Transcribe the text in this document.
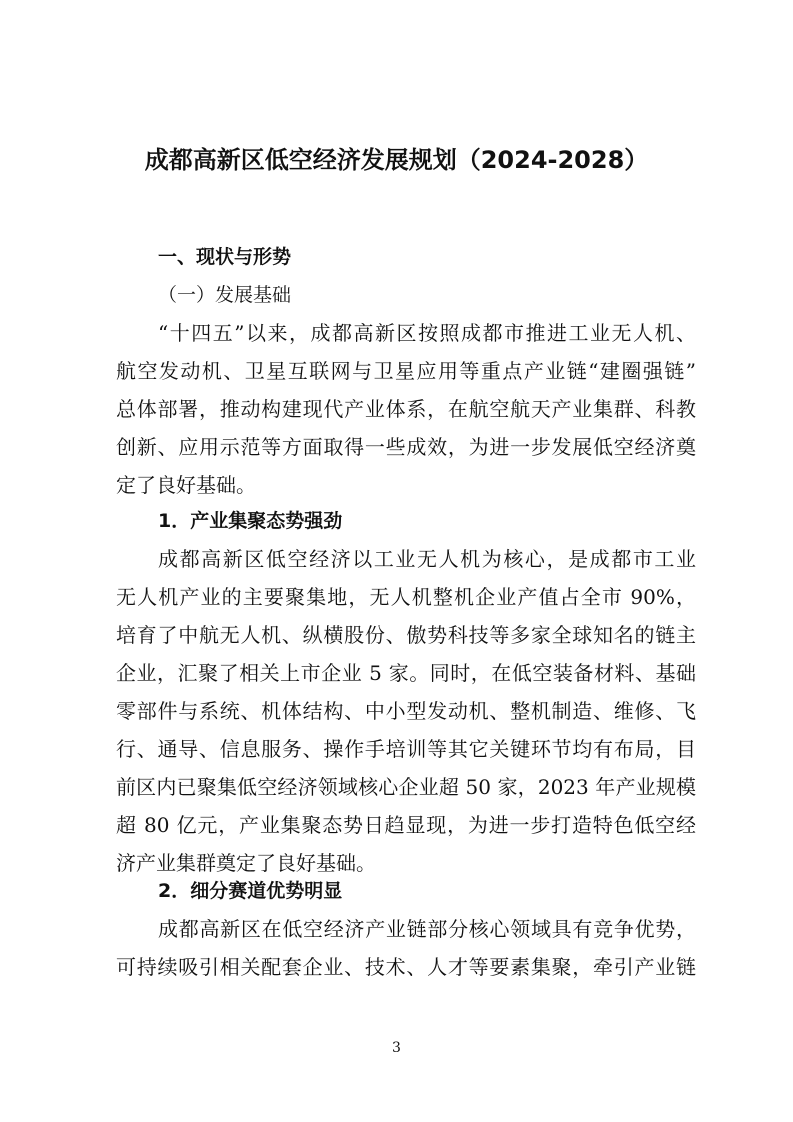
成都高新区低空经济发展规划（2024-2028）
一、现状与形势
（一）发展基础
“十四五”以来，成都高新区按照成都市推进工业无人机、
航空发动机、卫星互联网与卫星应用等重点产业链“建圈强链”
总体部署，推动构建现代产业体系，在航空航天产业集群、科教
创新、应用示范等方面取得一些成效，为进一步发展低空经济奠
定了良好基础。
1．产业集聚态势强劲
成都高新区低空经济以工业无人机为核心，是成都市工业
无人机产业的主要聚集地，无人机整机企业产值占全市 90%，
培育了中航无人机、纵横股份、傲势科技等多家全球知名的链主
企业，汇聚了相关上市企业 5 家。同时，在低空装备材料、基础
零部件与系统、机体结构、中小型发动机、整机制造、维修、飞
行、通导、信息服务、操作手培训等其它关键环节均有布局，目
前区内已聚集低空经济领域核心企业超 50 家，2023 年产业规模
超 80 亿元，产业集聚态势日趋显现，为进一步打造特色低空经
济产业集群奠定了良好基础。
2．细分赛道优势明显
成都高新区在低空经济产业链部分核心领域具有竞争优势，
可持续吸引相关配套企业、技术、人才等要素集聚，牵引产业链
3
